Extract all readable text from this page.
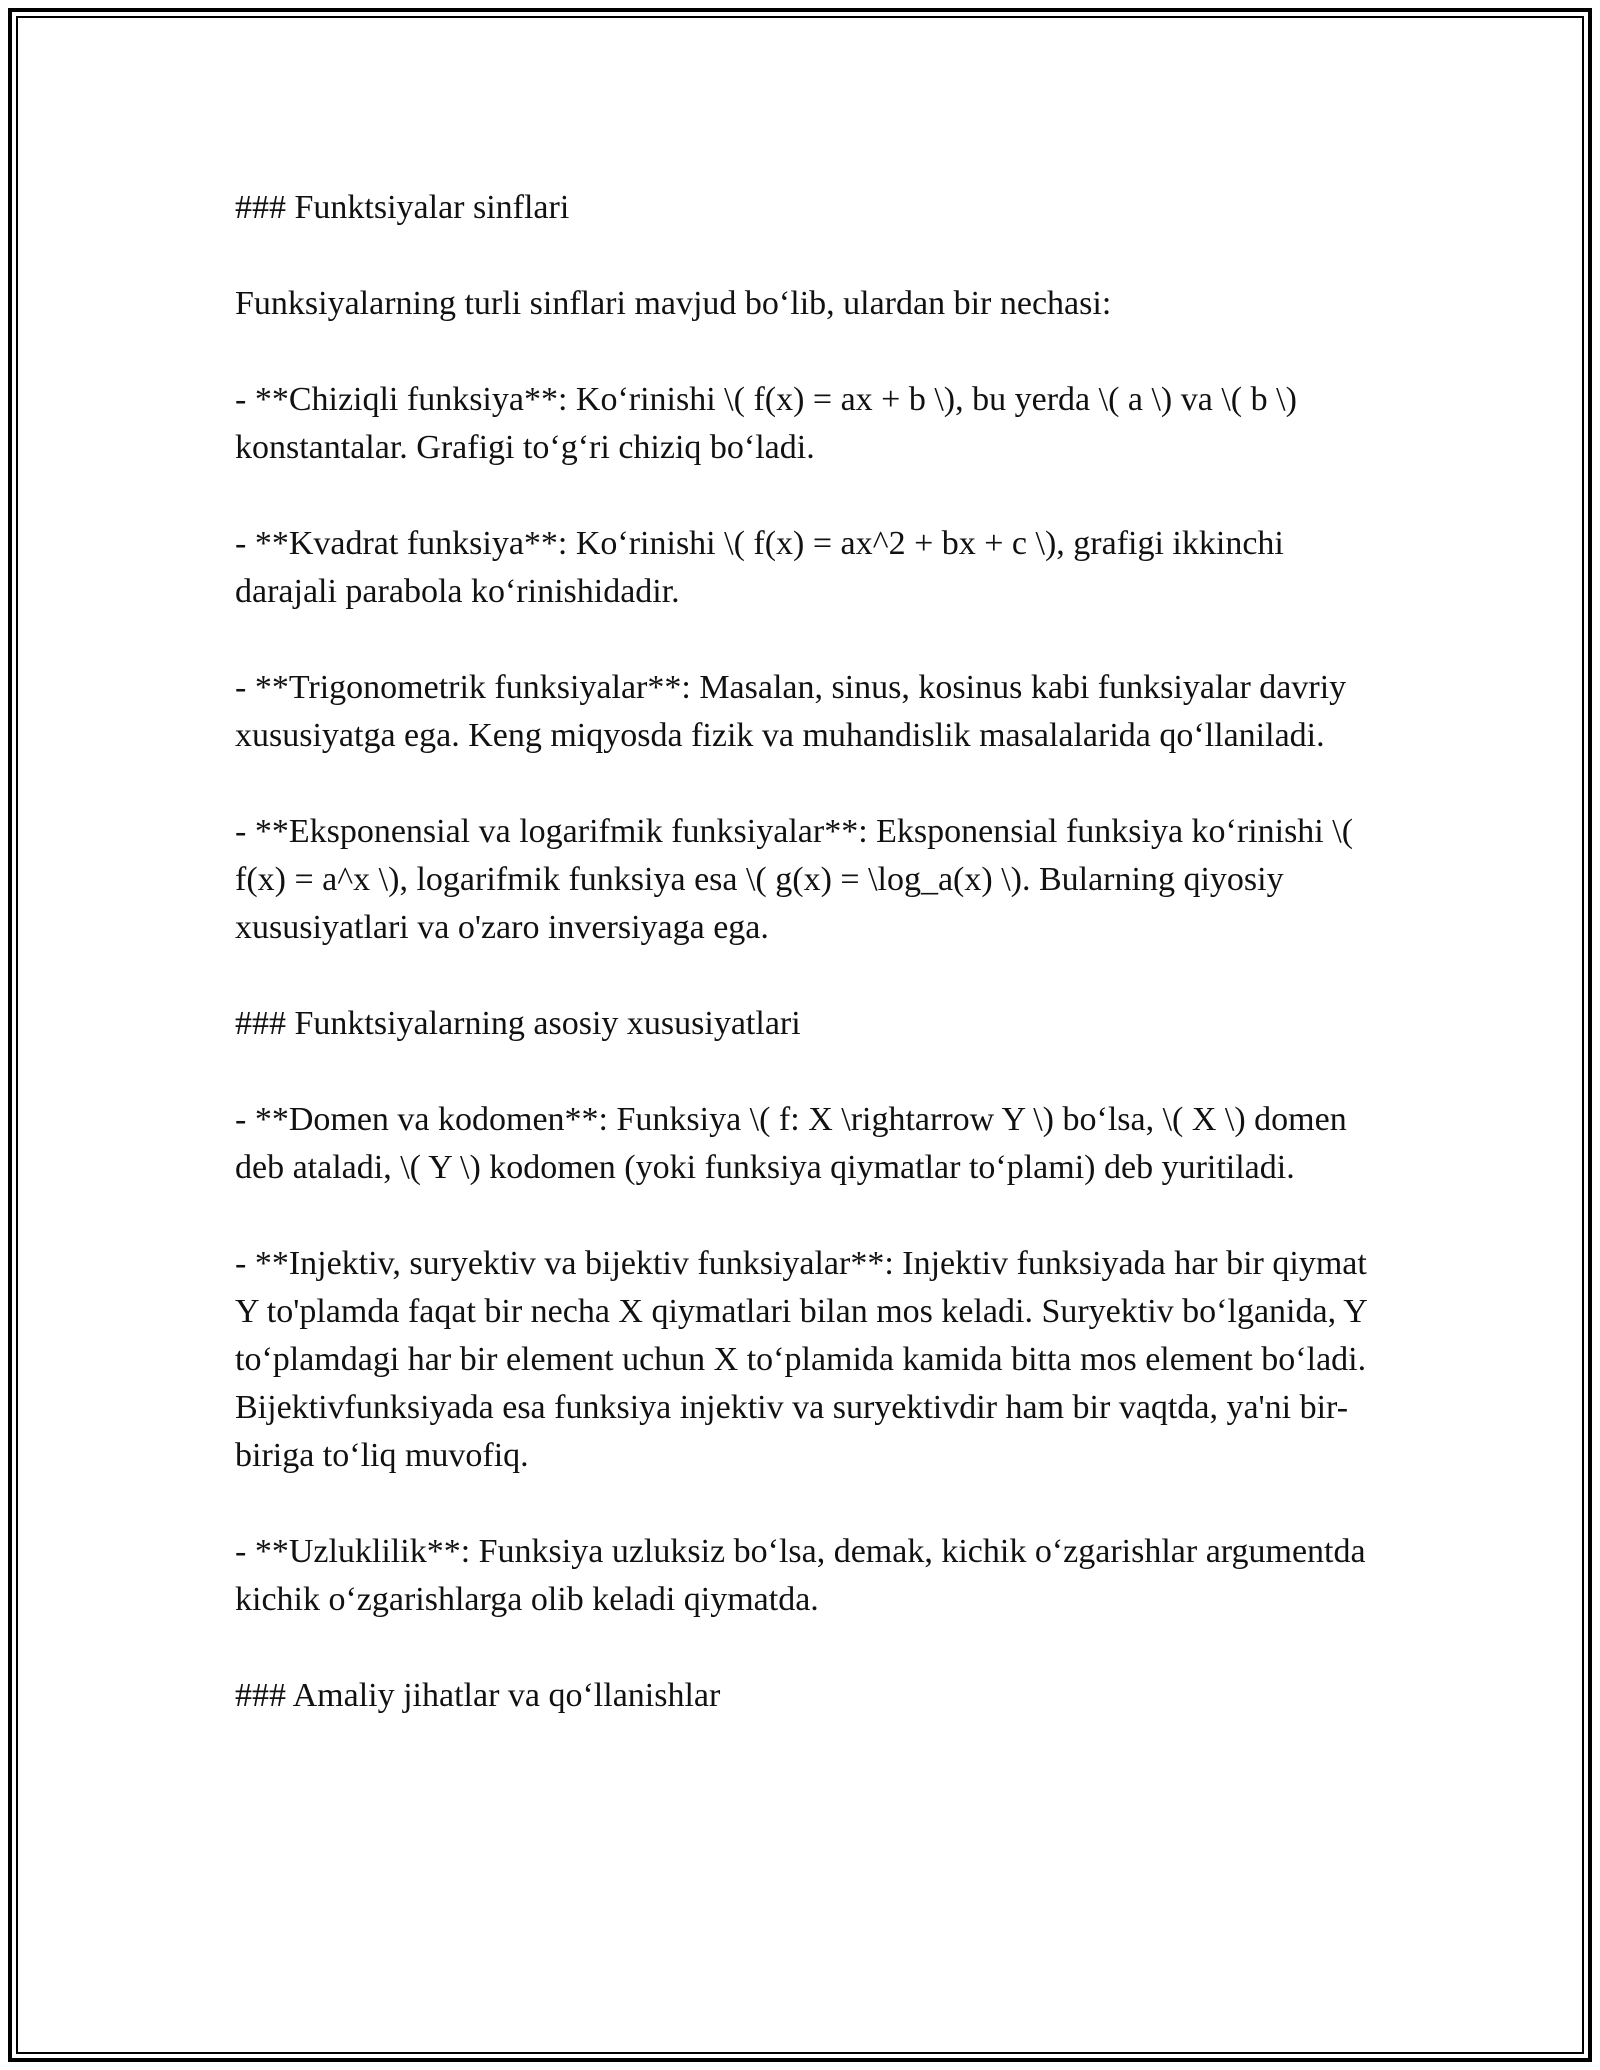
### Funktsiyalar sinflari

Funksiyalarning turli sinflari mavjud bo‘lib, ulardan bir nechasi:

- **Chiziqli funksiya**: Ko‘rinishi \( f(x) = ax + b \), bu yerda \( a \) va \( b \) konstantalar. Grafigi to‘g‘ri chiziq bo‘ladi.

- **Kvadrat funksiya**: Ko‘rinishi \( f(x) = ax^2 + bx + c \), grafigi ikkinchi darajali parabola ko‘rinishidadir.

- **Trigonometrik funksiyalar**: Masalan, sinus, kosinus kabi funksiyalar davriy xususiyatga ega. Keng miqyosda fizik va muhandislik masalalarida qo‘llaniladi.

- **Eksponensial va logarifmik funksiyalar**: Eksponensial funksiya ko‘rinishi \( f(x) = a^x \), logarifmik funksiya esa \( g(x) = \log_a(x) \). Bularning qiyosiy xususiyatlari va o'zaro inversiyaga ega.

### Funktsiyalarning asosiy xususiyatlari

- **Domen va kodomen**: Funksiya \( f: X \rightarrow Y \) bo‘lsa, \( X \) domen deb ataladi, \( Y \) kodomen (yoki funksiya qiymatlar to‘plami) deb yuritiladi.

- **Injektiv, suryektiv va bijektiv funksiyalar**: Injektiv funksiyada har bir qiymat Y to'plamda faqat bir necha X qiymatlari bilan mos keladi. Suryektiv bo‘lganida, Y to‘plamdagi har bir element uchun X to‘plamida kamida bitta mos element bo‘ladi. Bijektivfunksiyada esa funksiya injektiv va suryektivdir ham bir vaqtda, ya'ni bir-biriga to‘liq muvofiq.

- **Uzluklilik**: Funksiya uzluksiz bo‘lsa, demak, kichik o‘zgarishlar argumentda kichik o‘zgarishlarga olib keladi qiymatda.

### Amaliy jihatlar va qo‘llanishlar
